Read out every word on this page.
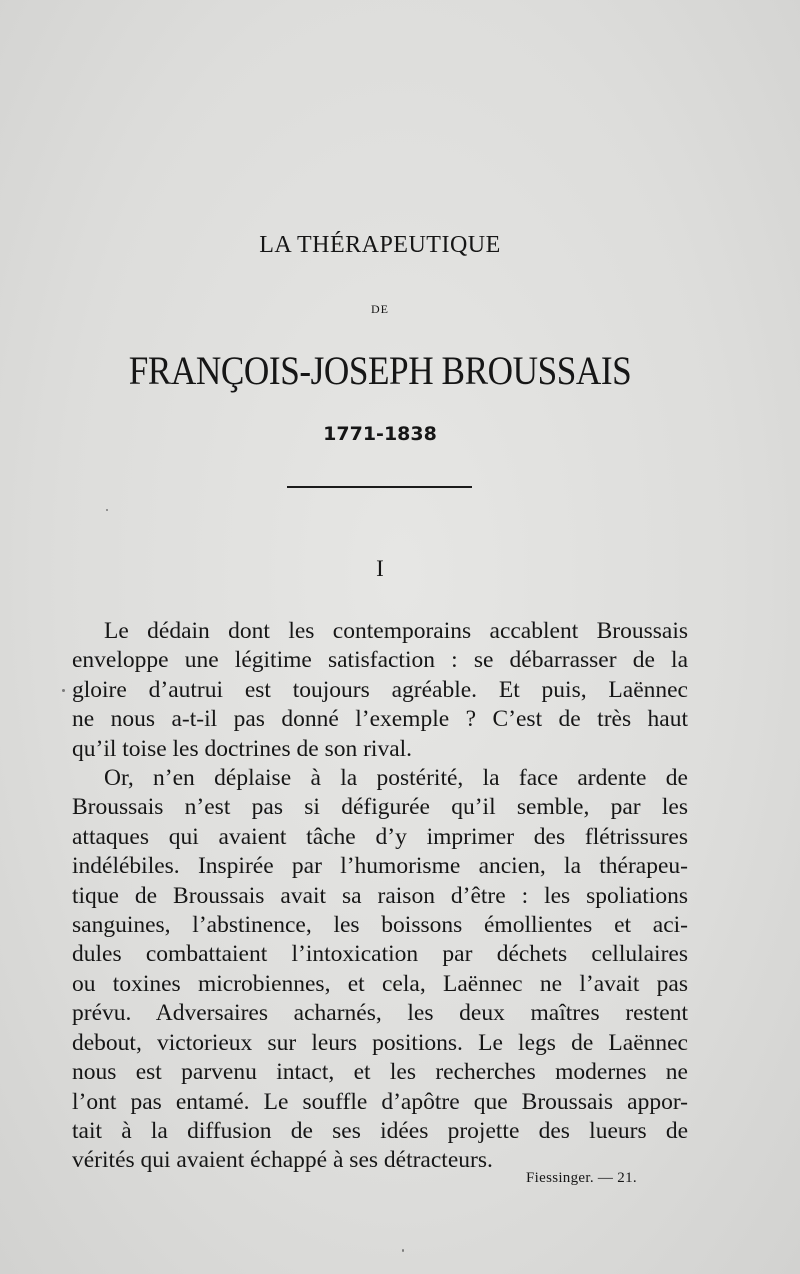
LA THÉRAPEUTIQUE
DE
FRANÇOIS-JOSEPH BROUSSAIS
1771-1838
I
Le dédain dont les contemporains accablent Broussais
enveloppe une légitime satisfaction : se débarrasser de la
gloire d’autrui est toujours agréable. Et puis, Laënnec
ne nous a-t-il pas donné l’exemple ? C’est de très haut
qu’il toise les doctrines de son rival.
Or, n’en déplaise à la postérité, la face ardente de
Broussais n’est pas si défigurée qu’il semble, par les
attaques qui avaient tâche d’y imprimer des flétrissures
indélébiles. Inspirée par l’humorisme ancien, la thérapeu-
tique de Broussais avait sa raison d’être : les spoliations
sanguines, l’abstinence, les boissons émollientes et aci-
dules combattaient l’intoxication par déchets cellulaires
ou toxines microbiennes, et cela, Laënnec ne l’avait pas
prévu. Adversaires acharnés, les deux maîtres restent
debout, victorieux sur leurs positions. Le legs de Laënnec
nous est parvenu intact, et les recherches modernes ne
l’ont pas entamé. Le souffle d’apôtre que Broussais appor-
tait à la diffusion de ses idées projette des lueurs de
vérités qui avaient échappé à ses détracteurs.
Fiessinger. — 21.
